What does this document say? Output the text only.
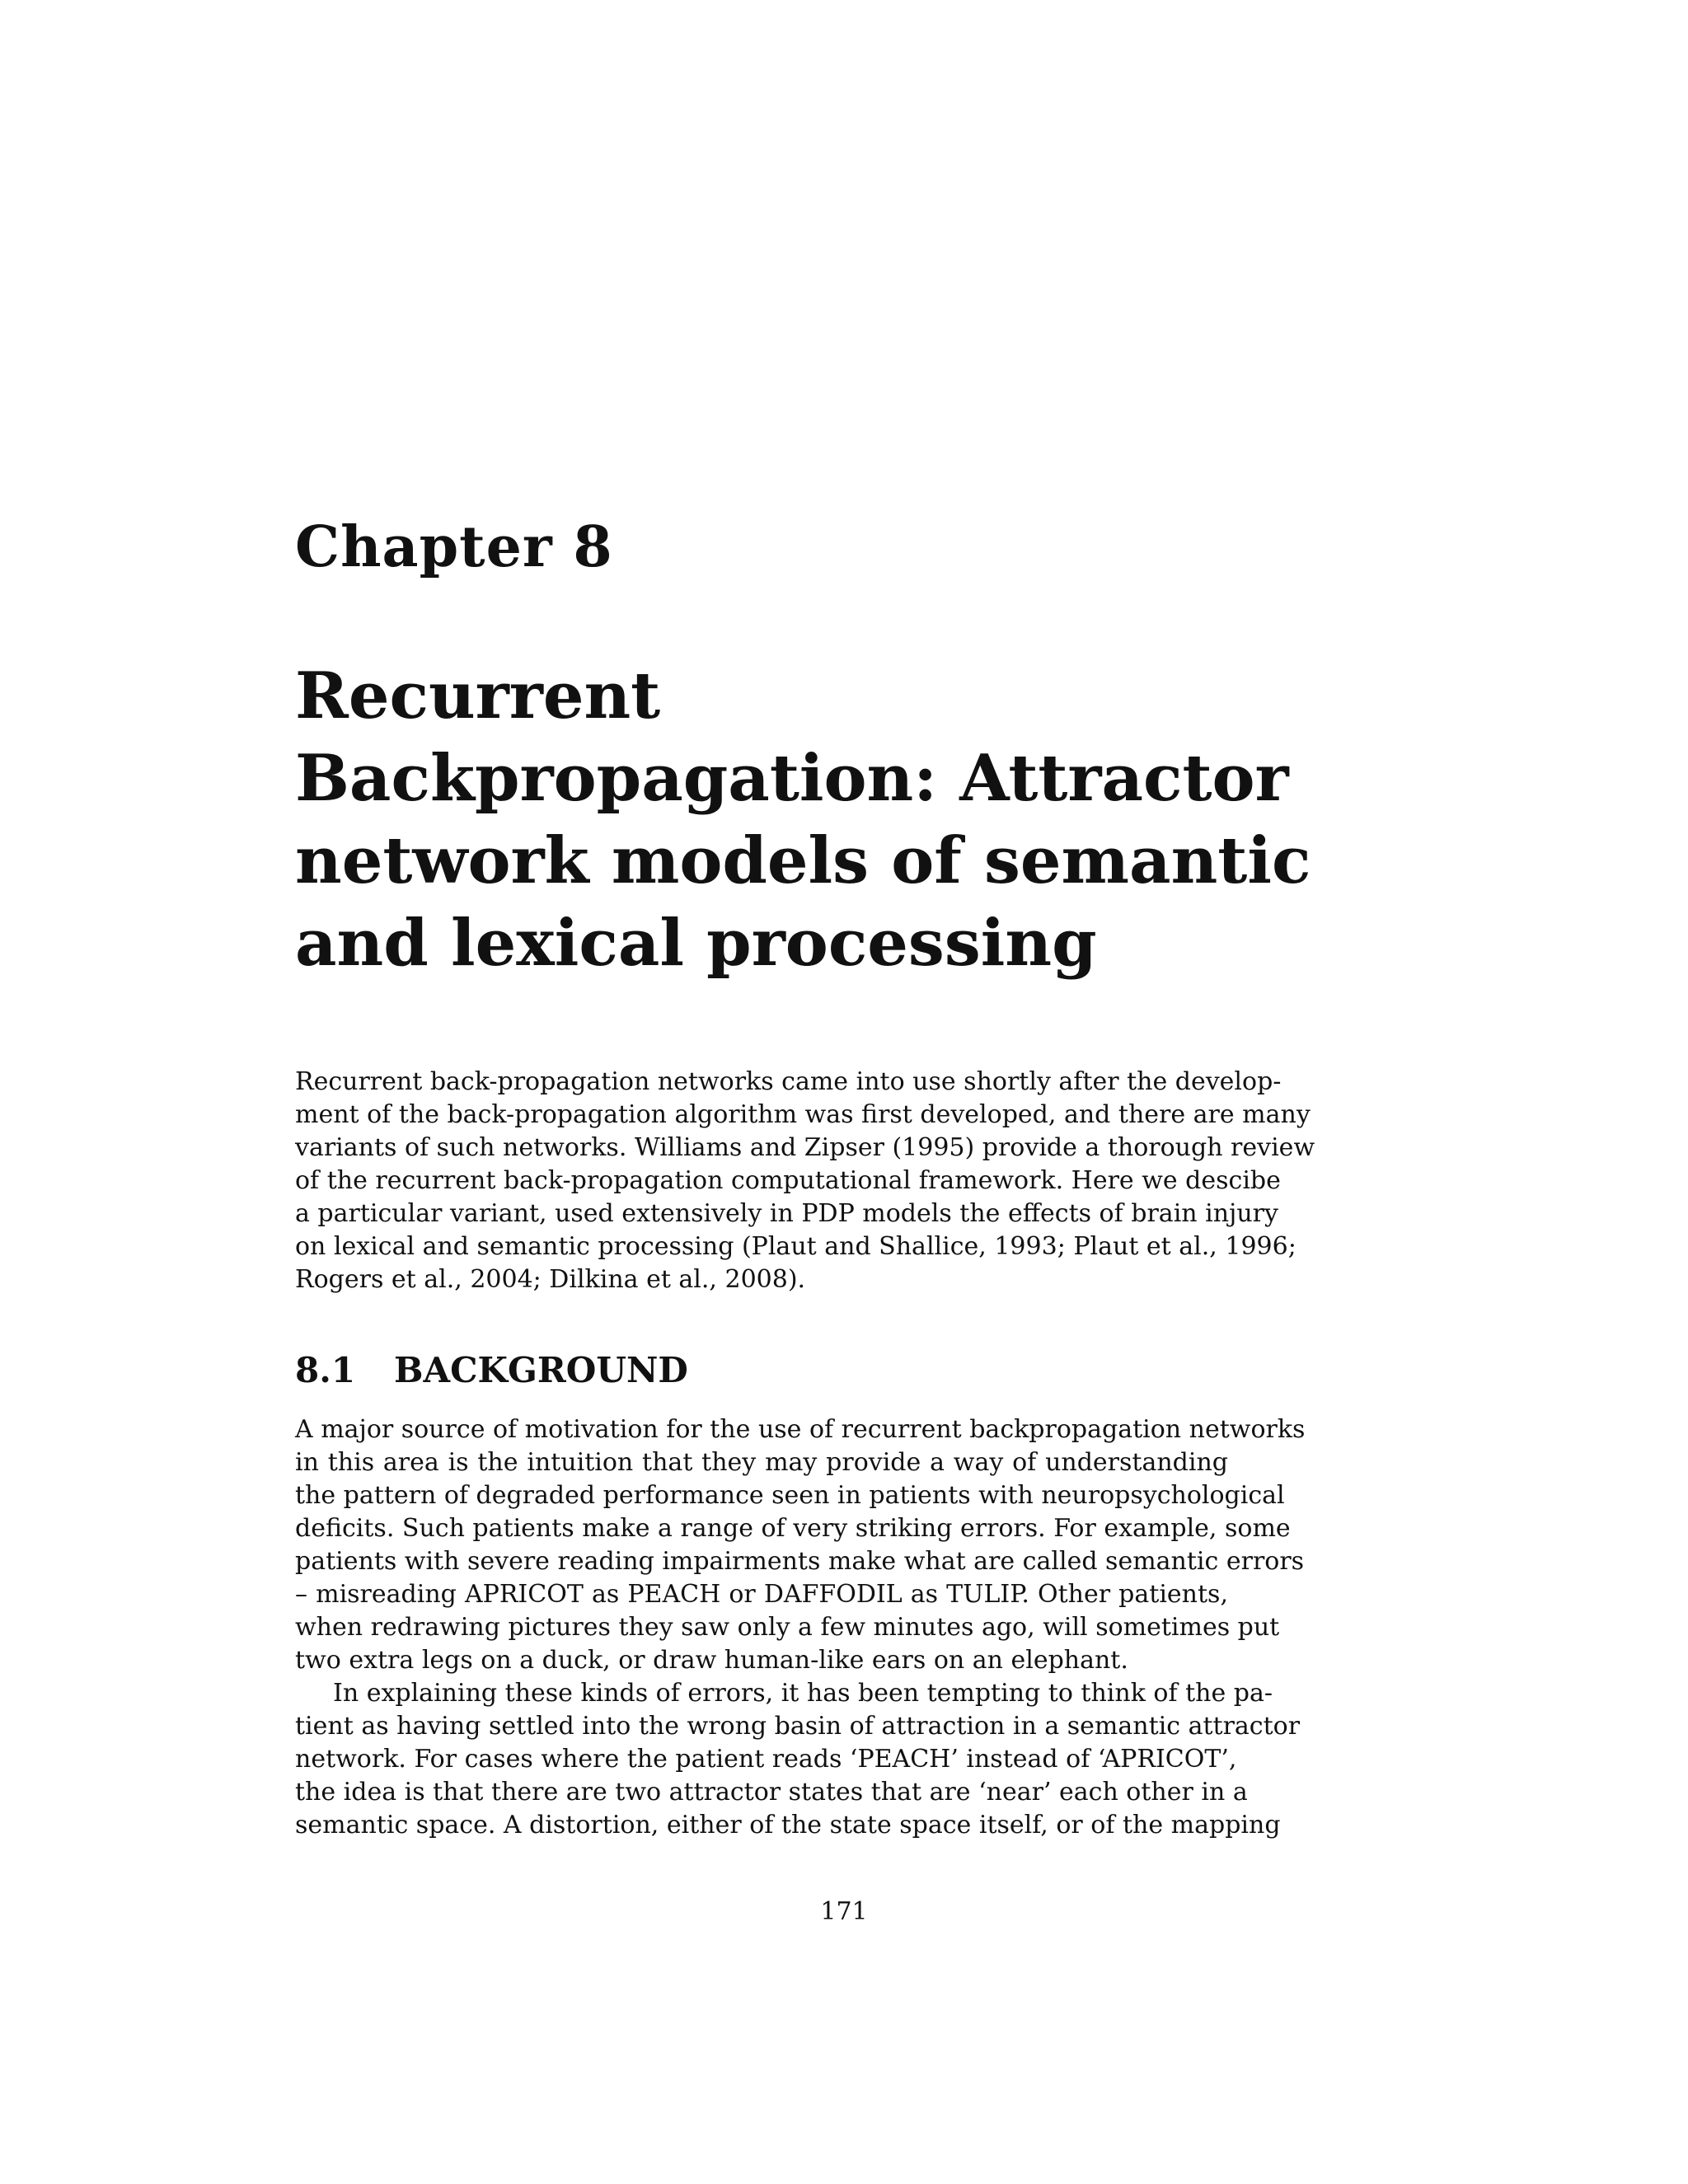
Chapter 8
Recurrent
Backpropagation: Attractor
network models of semantic
and lexical processing

Recurrent back-propagation networks came into use shortly after the develop-
ment of the back-propagation algorithm was first developed, and there are many
variants of such networks. Williams and Zipser (1995) provide a thorough review
of the recurrent back-propagation computational framework. Here we descibe
a particular variant, used extensively in PDP models the effects of brain injury
on lexical and semantic processing (Plaut and Shallice, 1993; Plaut et al., 1996;
Rogers et al., 2004; Dilkina et al., 2008).

8.1 BACKGROUND

A major source of motivation for the use of recurrent backpropagation networks
in this area is the intuition that they may provide a way of understanding
the pattern of degraded performance seen in patients with neuropsychological
deficits. Such patients make a range of very striking errors. For example, some
patients with severe reading impairments make what are called semantic errors
– misreading APRICOT as PEACH or DAFFODIL as TULIP. Other patients,
when redrawing pictures they saw only a few minutes ago, will sometimes put
two extra legs on a duck, or draw human-like ears on an elephant.

In explaining these kinds of errors, it has been tempting to think of the pa-
tient as having settled into the wrong basin of attraction in a semantic attractor
network. For cases where the patient reads ‘PEACH’ instead of ‘APRICOT’,
the idea is that there are two attractor states that are ‘near’ each other in a
semantic space. A distortion, either of the state space itself, or of the mapping

171
